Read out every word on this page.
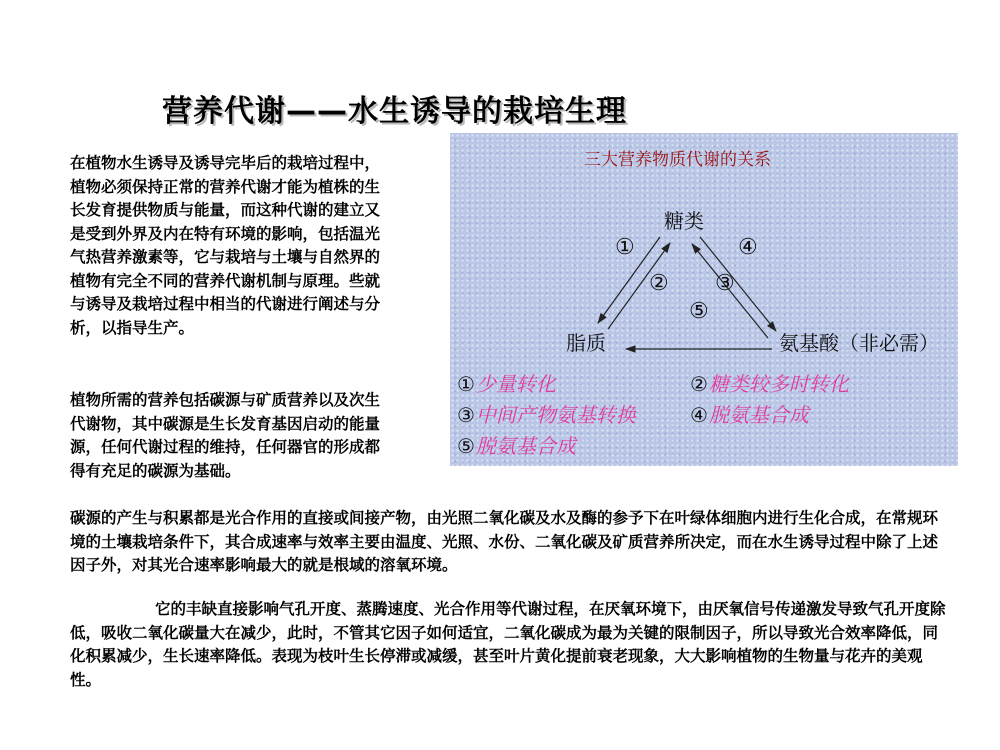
营养代谢——水生诱导的栽培生理

在植物水生诱导及诱导完毕后的栽培过程中，植物必须保持正常的营养代谢才能为植株的生长发育提供物质与能量，而这种代谢的建立又是受到外界及内在特有环境的影响，包括温光气热营养激素等，它与栽培与土壤与自然界的植物有完全不同的营养代谢机制与原理。些就与诱导及栽培过程中相当的代谢进行阐述与分析，以指导生产。

植物所需的营养包括碳源与矿质营养以及次生代谢物，其中碳源是生长发育基因启动的能量源，任何代谢过程的维持，任何器官的形成都得有充足的碳源为基础。

碳源的产生与积累都是光合作用的直接或间接产物，由光照二氧化碳及水及酶的参予下在叶绿体细胞内进行生化合成，在常规环境的土壤栽培条件下，其合成速率与效率主要由温度、光照、水份、二氧化碳及矿质营养所决定，而在水生诱导过程中除了上述因子外，对其光合速率影响最大的就是根域的溶氧环境。

它的丰缺直接影响气孔开度、蒸腾速度、光合作用等代谢过程，在厌氧环境下，由厌氧信号传递激发导致气孔开度除低，吸收二氧化碳量大在减少，此时，不管其它因子如何适宜，二氧化碳成为最为关键的限制因子，所以导致光合效率降低，同化积累减少，生长速率降低。表现为枝叶生长停滞或减缓，甚至叶片黄化提前衰老现象，大大影响植物的生物量与花卉的美观性。

三大营养物质代谢的关系
糖类
脂质	氨基酸（非必需）
①
② ③
④
⑤
①少量转化	②糖类较多时转化
③中间产物氨基转换	④脱氨基合成
⑤脱氨基合成
